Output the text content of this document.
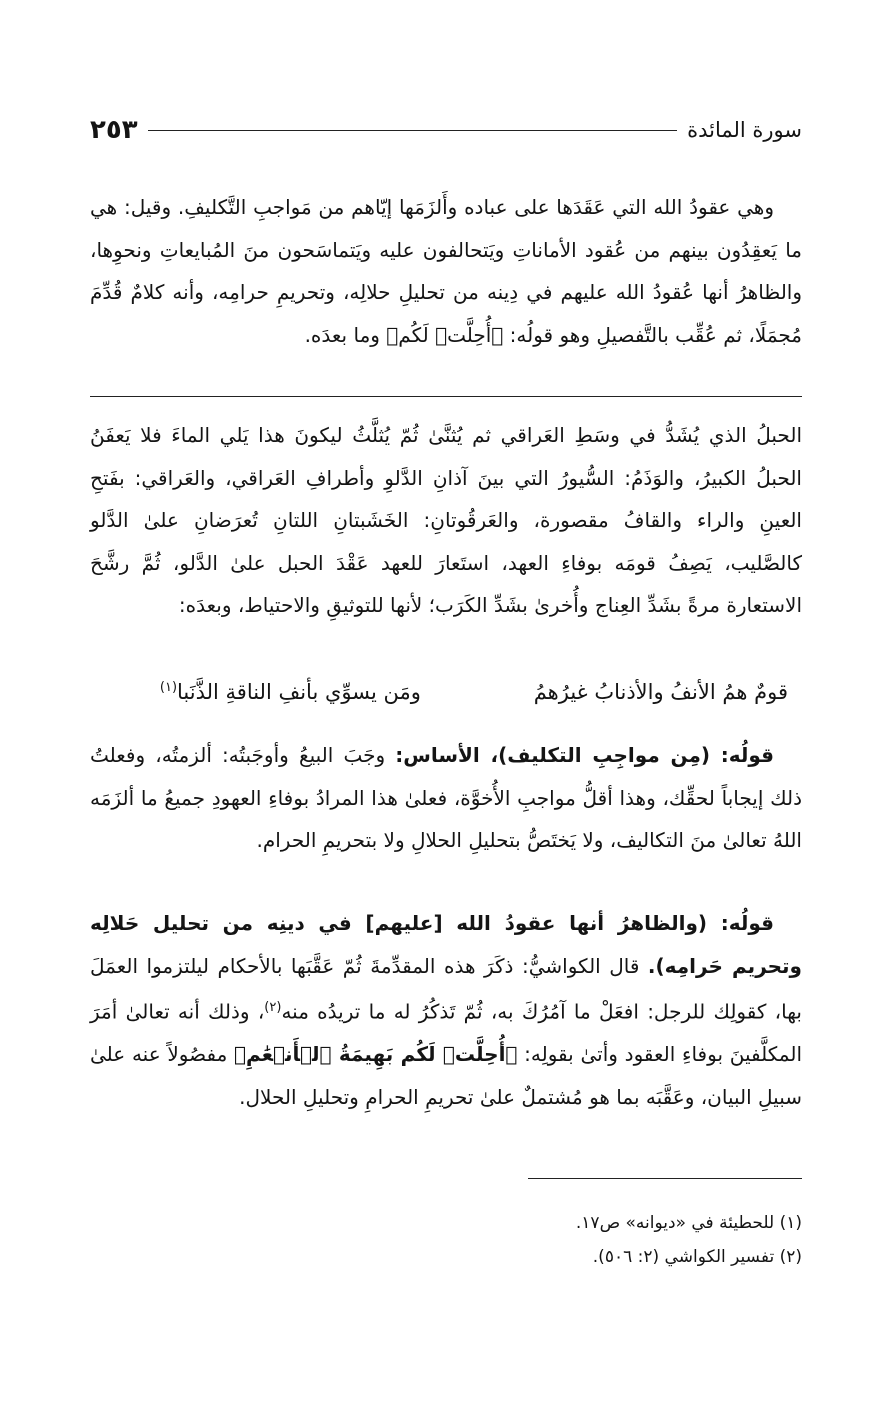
سورة المائدة
٢٥٣

وهي عقودُ الله التي عَقَدَها على عباده وأَلزَمَها إيّاهم من مَواجبِ التَّكليفِ. وقيل: هي ما يَعقِدُون بينهم من عُقود الأماناتِ ويَتحالفون عليه ويَتماسَحون منَ المُبايعاتِ ونحوِها، والظاهرُ أنها عُقودُ الله عليهم في دِينه من تحليلِ حلالِه، وتحريمِ حرامِه، وأنه كلامٌ قُدِّمَ مُجمَلًا، ثم عُقِّب بالتَّفصيلِ وهو قولُه: ﴿أُحِلَّتۡ لَكُم﴾ وما بعدَه.

الحبلُ الذي يُشَدُّ في وسَطِ العَراقي ثم يُثنَّىٰ ثُمّ يُثلَّثُ ليكونَ هذا يَلي الماءَ فلا يَعفَنُ الحبلُ الكبيرُ، والوَذَمُ: السُّيورُ التي بينَ آذانِ الدَّلوِ وأطرافِ العَراقي، والعَراقي: بفَتحِ العينِ والراء والقافُ مقصورة، والعَرقُوتانِ: الخَشَبتانِ اللتانِ تُعرَضانِ علىٰ الدَّلو كالصَّليب، يَصِفُ قومَه بوفاءِ العهد، استَعارَ للعهد عَقْدَ الحبل علىٰ الدَّلو، ثُمَّ رشَّحَ الاستعارة مرةً بشَدِّ العِناج وأُخرىٰ بشَدِّ الكَرَب؛ لأنها للتوثيقِ والاحتياط، وبعدَه:

قومٌ همُ الأنفُ والأذنابُ غيرُهمُ
ومَن يسوِّي بأنفِ الناقةِ الذَّنَبا$^{(١)}$

قولُه: (مِن مواجِبِ التكليف)، الأساس: وجَبَ البيعُ وأوجَبتُه: ألزمتُه، وفعلتُ ذلك إيجاباً لحقِّك، وهذا أقلُّ مواجبِ الأُخوَّة، فعلىٰ هذا المرادُ بوفاءِ العهودِ جميعُ ما ألزَمَه اللهُ تعالىٰ منَ التكاليف، ولا يَختَصُّ بتحليلِ الحلالِ ولا بتحريمِ الحرام.

قولُه: (والظاهرُ أنها عقودُ الله [عليهم] في دينِه من تحليل حَلالِه وتحريم حَرامِه). قال الكواشيُّ: ذكَرَ هذه المقدِّمةَ ثُمّ عَقَّبَها بالأحكام ليلتزموا العمَلَ بها، كقولِك للرجل: افعَلْ ما آمُرُكَ به، ثُمّ تَذكُرُ له ما تريدُه منه$^{(٢)}$، وذلك أنه تعالىٰ أمَرَ المكلَّفينَ بوفاءِ العقود وأتىٰ بقولِه: ﴿أُحِلَّتۡ لَكُم بَهِيمَةُ ٱلۡأَنۡعَٰمِ﴾ مفصُولاً عنه علىٰ سبيلِ البيان، وعَقَّبَه بما هو مُشتملٌ علىٰ تحريمِ الحرامِ وتحليلِ الحلال.

(١) للحطيئة في «ديوانه» ص١٧.

(٢) تفسير الكواشي (٢: ٥٠٦).
